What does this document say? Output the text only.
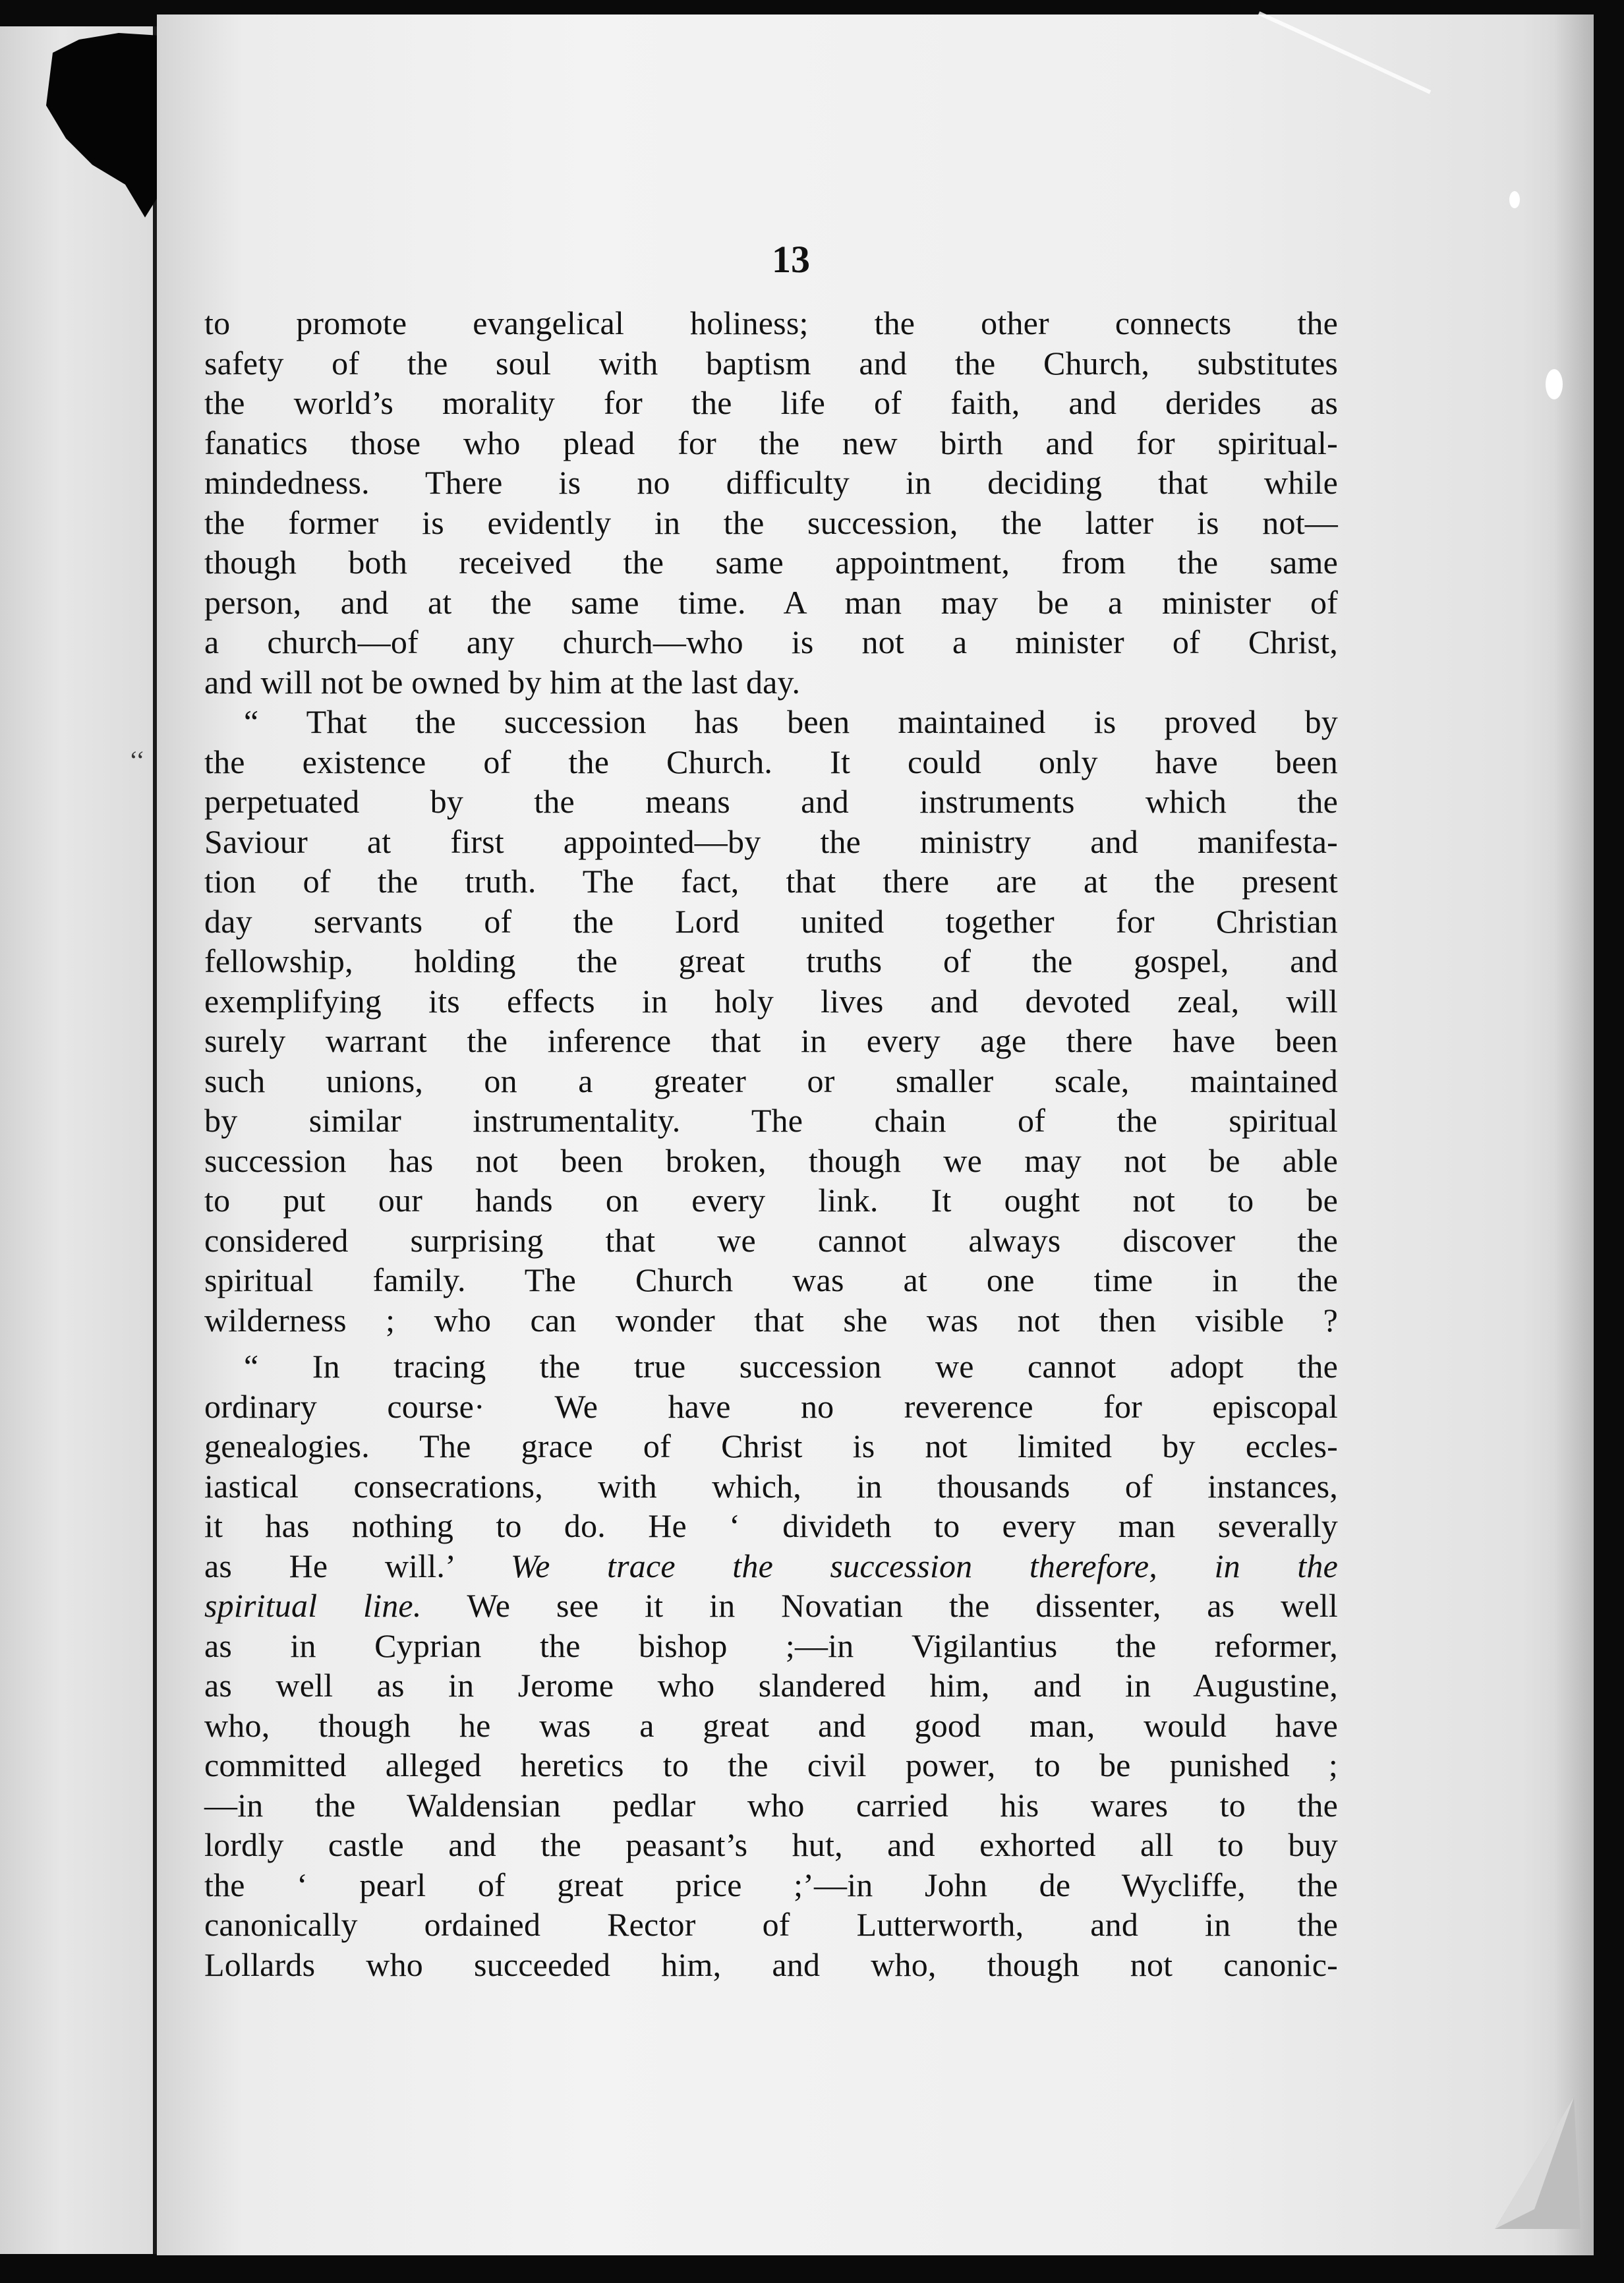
13
‘‘
to promote evangelical holiness; the other connects the
safety of the soul with baptism and the Church, substitutes
the world’s morality for the life of faith, and derides as
fanatics those who plead for the new birth and for spiritual-
mindedness. There is no difficulty in deciding that while
the former is evidently in the succession, the latter is not—
though both received the same appointment, from the same
person, and at the same time. A man may be a minister of
a church—of any church—who is not a minister of Christ,
and will not be owned by him at the last day.
“ That the succession has been maintained is proved by
the existence of the Church. It could only have been
perpetuated by the means and instruments which the
Saviour at first appointed—by the ministry and manifesta-
tion of the truth. The fact, that there are at the present
day servants of the Lord united together for Christian
fellowship, holding the great truths of the gospel, and
exemplifying its effects in holy lives and devoted zeal, will
surely warrant the inference that in every age there have been
such unions, on a greater or smaller scale, maintained
by similar instrumentality. The chain of the spiritual
succession has not been broken, though we may not be able
to put our hands on every link. It ought not to be
considered surprising that we cannot always discover the
spiritual family. The Church was at one time in the
wilderness ; who can wonder that she was not then visible ?
“ In tracing the true succession we cannot adopt the
ordinary course· We have no reverence for episcopal
genealogies. The grace of Christ is not limited by eccles-
iastical consecrations, with which, in thousands of instances,
it has nothing to do. He ‘ divideth to every man severally
as He will.’ We trace the succession therefore, in the
spiritual line. We see it in Novatian the dissenter, as well
as in Cyprian the bishop ;—in Vigilantius the reformer,
as well as in Jerome who slandered him, and in Augustine,
who, though he was a great and good man, would have
committed alleged heretics to the civil power, to be punished ;
—in the Waldensian pedlar who carried his wares to the
lordly castle and the peasant’s hut, and exhorted all to buy
the ‘ pearl of great price ;’—in John de Wycliffe, the
canonically ordained Rector of Lutterworth, and in the
Lollards who succeeded him, and who, though not canonic-
